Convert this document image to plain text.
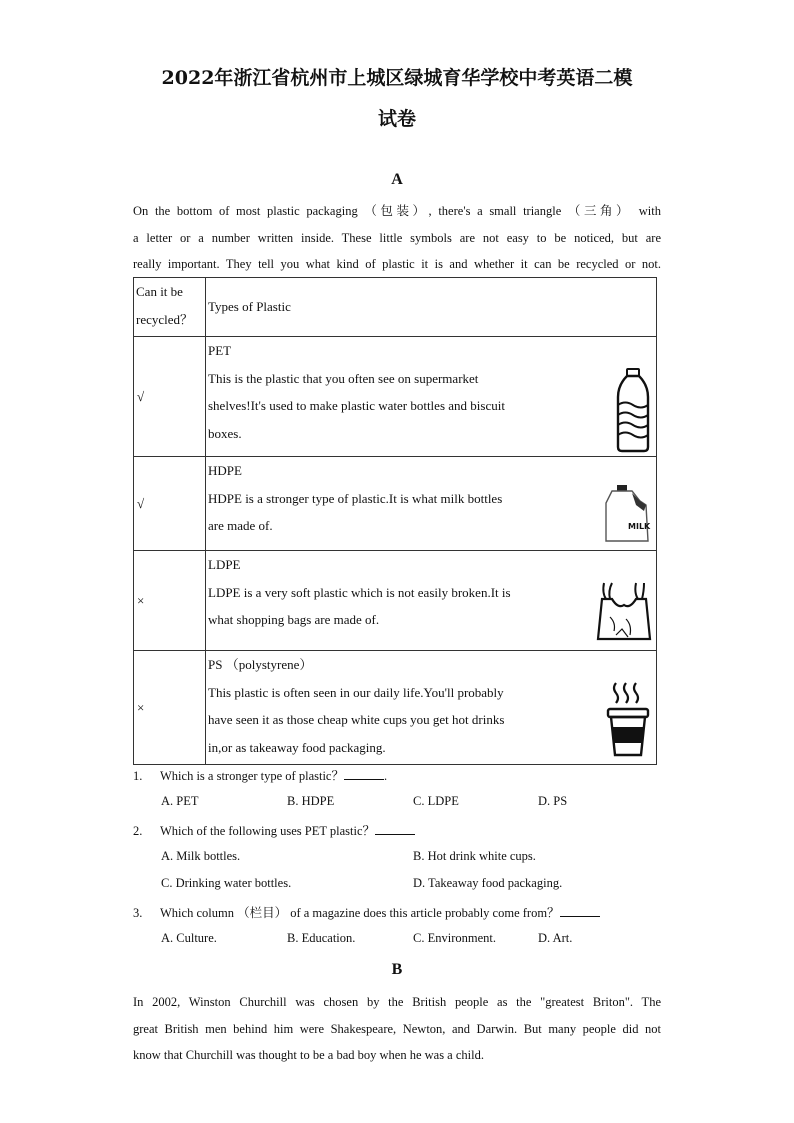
2022年浙江省杭州市上城区绿城育华学校中考英语二模
试卷
A
On the bottom of most plastic packaging （包装）, there's a small triangle （三角） with
a letter or a number written inside. These little symbols are not easy to be noticed, but are
really important. They tell you what kind of plastic it is and whether it can be recycled or not.
Can it be
recycled？	Types of Plastic

√	PET
This is the plastic that you often see on supermarket
shelves!It's used to make plastic water bottles and biscuit
boxes.

√	HDPE
HDPE is a stronger type of plastic.It is what milk bottles
are made of. MILK

×	LDPE
LDPE is a very soft plastic which is not easily broken.It is
what shopping bags are made of.

×	PS （polystyrene）
This plastic is often seen in our daily life.You'll probably
have seen it as those cheap white cups you get hot drinks
in,or as takeaway food packaging.
1. Which is a stronger type of plastic？	.
A. PET	B. HDPE	C. LDPE	D. PS
2. Which of the following uses PET plastic？
A. Milk bottles.	B. Hot drink white cups.
C. Drinking water bottles.	D. Takeaway food packaging.
3. Which column （栏目） of a magazine does this article probably come from？
A. Culture.	B. Education.	C. Environment.	D. Art.
B
In 2002, Winston Churchill was chosen by the British people as the "greatest Briton". The
great British men behind him were Shakespeare, Newton, and Darwin. But many people did not
know that Churchill was thought to be a bad boy when he was a child.
